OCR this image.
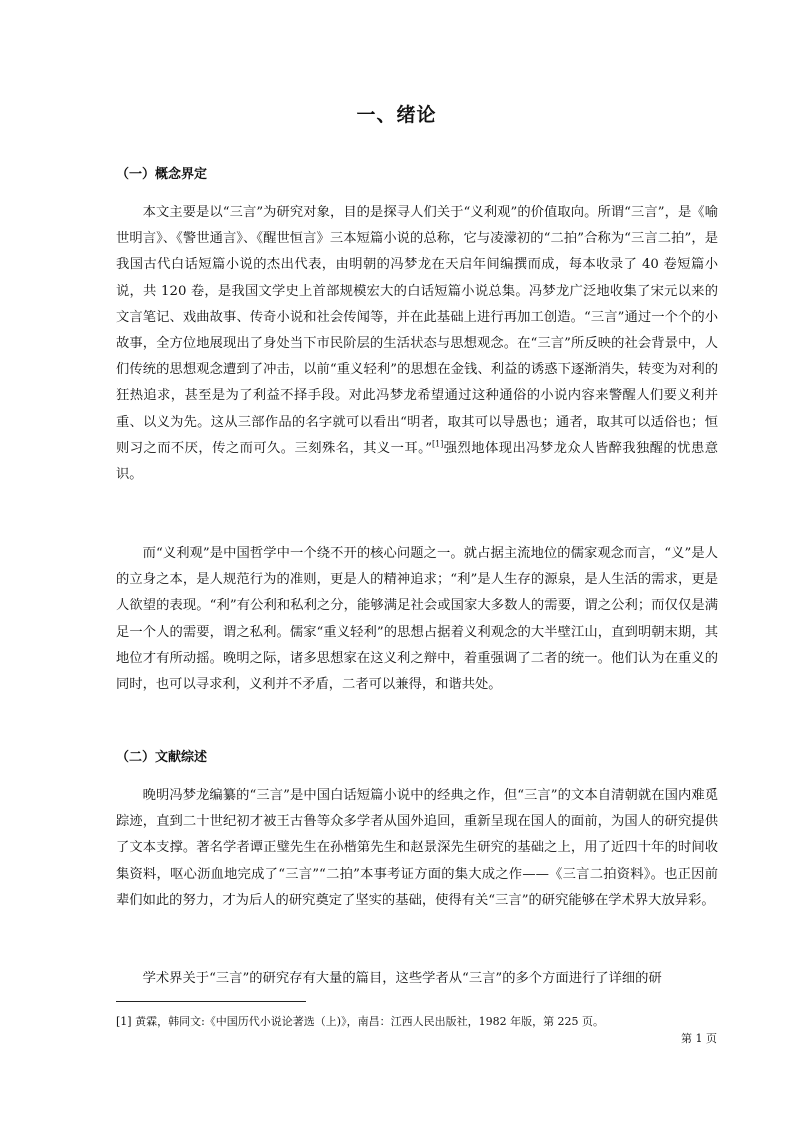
一、绪论
（一）概念界定

本文主要是以“三言”为研究对象，目的是探寻人们关于“义利观”的价值取向。所谓“三言”，是《喻世明言》、《警世通言》、《醒世恒言》三本短篇小说的总称，它与凌濛初的“二拍”合称为“三言二拍”，是我国古代白话短篇小说的杰出代表，由明朝的冯梦龙在天启年间编撰而成，每本收录了 40 卷短篇小说，共 120 卷，是我国文学史上首部规模宏大的白话短篇小说总集。冯梦龙广泛地收集了宋元以来的文言笔记、戏曲故事、传奇小说和社会传闻等，并在此基础上进行再加工创造。“三言”通过一个个的小故事，全方位地展现出了身处当下市民阶层的生活状态与思想观念。在“三言”所反映的社会背景中，人们传统的思想观念遭到了冲击，以前“重义轻利”的思想在金钱、利益的诱惑下逐渐消失，转变为对利的狂热追求，甚至是为了利益不择手段。对此冯梦龙希望通过这种通俗的小说内容来警醒人们要义利并重、以义为先。这从三部作品的名字就可以看出“明者，取其可以导愚也；通者，取其可以适俗也；恒则习之而不厌，传之而可久。三刻殊名，其义一耳。”[1]强烈地体现出冯梦龙众人皆醉我独醒的忧患意识。

而“义利观”是中国哲学中一个绕不开的核心问题之一。就占据主流地位的儒家观念而言，“义”是人的立身之本，是人规范行为的准则，更是人的精神追求；“利”是人生存的源泉，是人生活的需求，更是人欲望的表现。“利”有公利和私利之分，能够满足社会或国家大多数人的需要，谓之公利；而仅仅是满足一个人的需要，谓之私利。儒家“重义轻利”的思想占据着义利观念的大半壁江山，直到明朝末期，其地位才有所动摇。晚明之际，诸多思想家在这义利之辩中，着重强调了二者的统一。他们认为在重义的同时，也可以寻求利，义利并不矛盾，二者可以兼得，和谐共处。

（二）文献综述

晚明冯梦龙编纂的“三言”是中国白话短篇小说中的经典之作，但“三言”的文本自清朝就在国内难觅踪迹，直到二十世纪初才被王古鲁等众多学者从国外追回，重新呈现在国人的面前，为国人的研究提供了文本支撑。著名学者谭正璧先生在孙楷第先生和赵景深先生研究的基础之上，用了近四十年的时间收集资料，呕心沥血地完成了“三言”“二拍”本事考证方面的集大成之作——《三言二拍资料》。也正因前辈们如此的努力，才为后人的研究奠定了坚实的基础，使得有关“三言”的研究能够在学术界大放异彩。

学术界关于“三言”的研究存有大量的篇目，这些学者从“三言”的多个方面进行了详细的研

[1] 黄霖，韩同文:《中国历代小说论著选（上)》，南昌：江西人民出版社，1982 年版，第 225 页。
第 1 页
